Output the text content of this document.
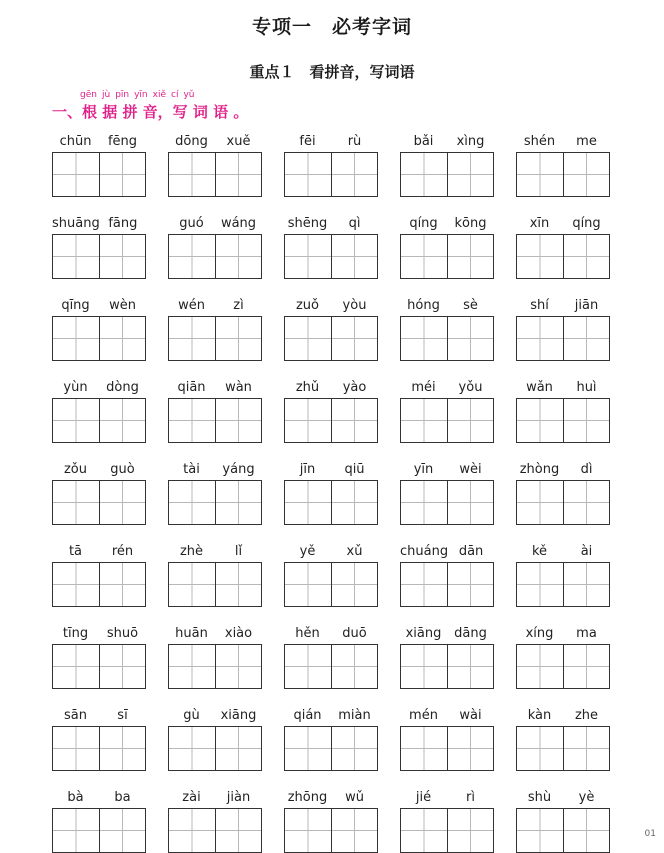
专项一　必考字词
重点１　看拼音，写词语
gēn jù pīn yīn xiě cí yǔ

一、根 据 拼 音，写 词 语 。

chūn	fēng	dōng	xuě	fēi	rù	bǎi	xìng	shén	me
shuāng fāng	guó	wáng	shēng	qì	qíng	kōng	xīn	qíng
qīng	wèn	wén	zì	zuǒ	yòu	hóng	sè	shí	jiān
yùn	dòng	qiān	wàn	zhǔ	yào	méi	yǒu	wǎn	huì
zǒu	guò	tài	yáng	jīn	qiū	yīn	wèi	zhòng	dì
tā	rén	zhè	lǐ	yě	xǔ	chuáng dān	kě	ài
tīng	shuō	huān	xiào	hěn	duō	xiāng dāng	xíng	ma
sān	sī	gù	xiāng	qián	miàn	mén	wài	kàn	zhe
bà	ba	zài	jiàn	zhōng	wǔ	jié	rì	shù	yè
01
